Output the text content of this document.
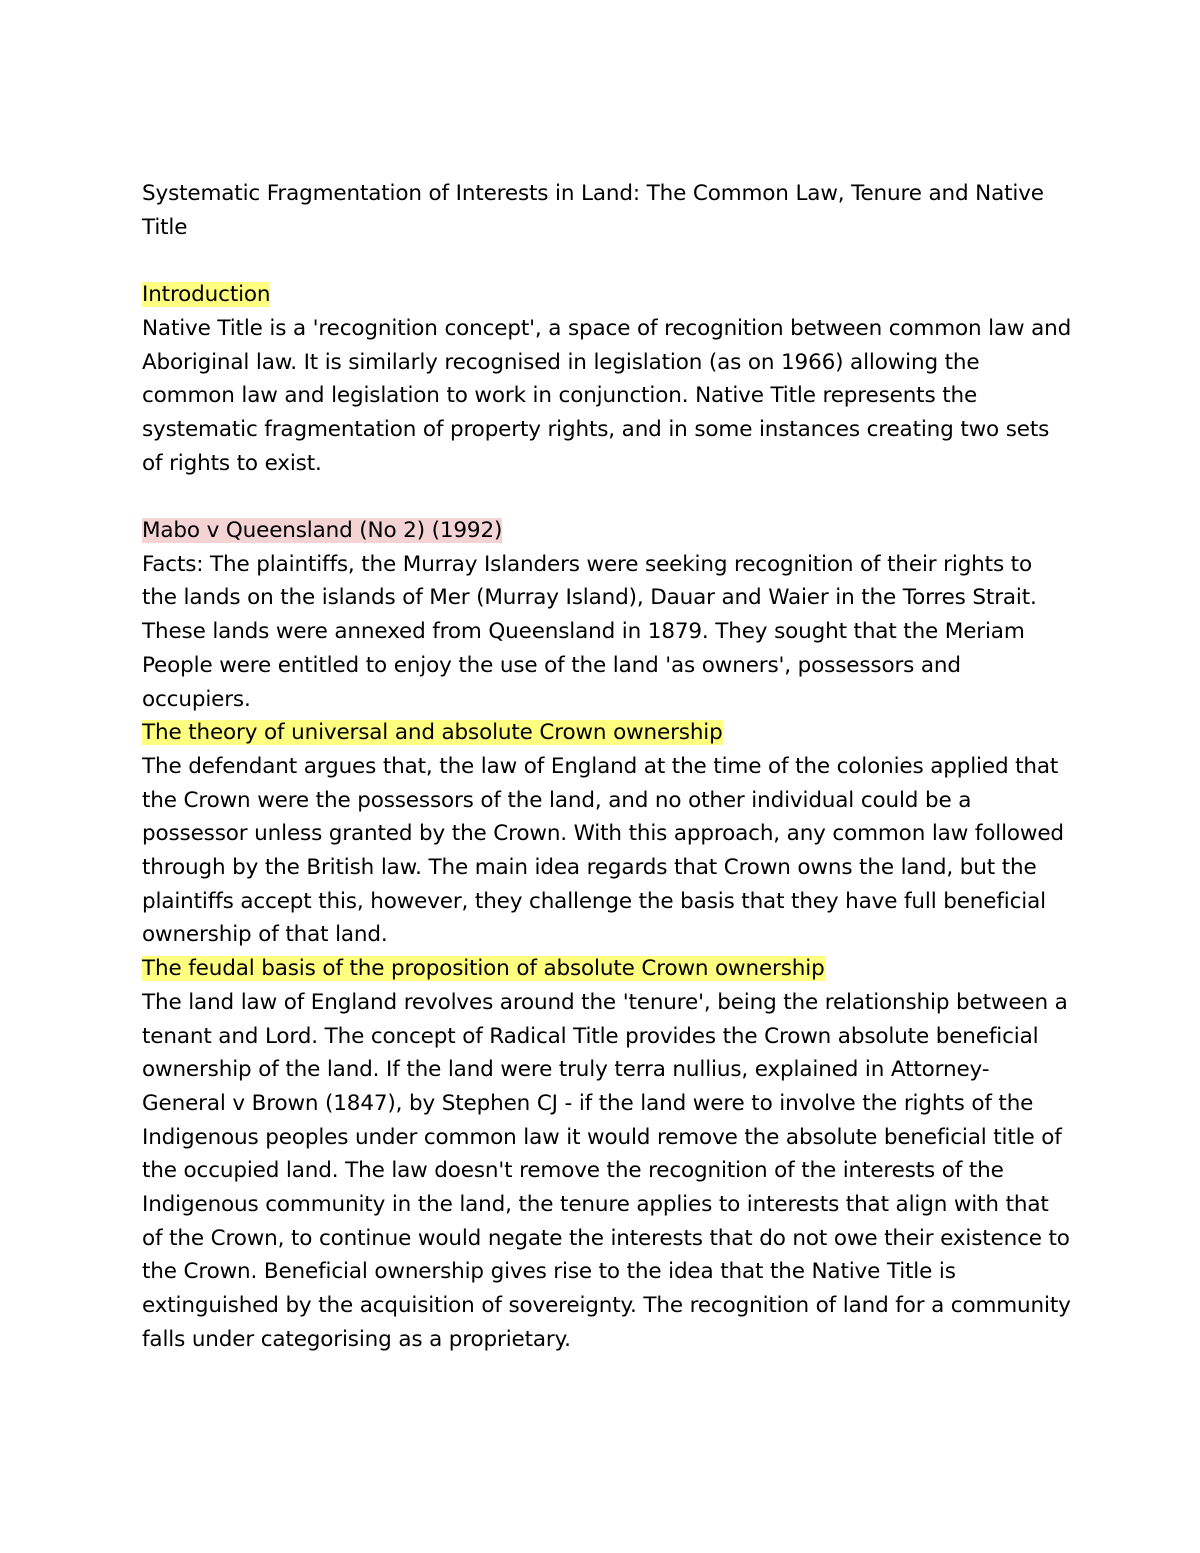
Systematic Fragmentation of Interests in Land: The Common Law, Tenure and Native Title

Introduction

Native Title is a 'recognition concept', a space of recognition between common law and Aboriginal law. It is similarly recognised in legislation (as on 1966) allowing the common law and legislation to work in conjunction. Native Title represents the systematic fragmentation of property rights, and in some instances creating two sets of rights to exist.

Mabo v Queensland (No 2) (1992)

Facts: The plaintiffs, the Murray Islanders were seeking recognition of their rights to the lands on the islands of Mer (Murray Island), Dauar and Waier in the Torres Strait. These lands were annexed from Queensland in 1879. They sought that the Meriam People were entitled to enjoy the use of the land 'as owners', possessors and occupiers.

The theory of universal and absolute Crown ownership

The defendant argues that, the law of England at the time of the colonies applied that the Crown were the possessors of the land, and no other individual could be a possessor unless granted by the Crown. With this approach, any common law followed through by the British law. The main idea regards that Crown owns the land, but the plaintiffs accept this, however, they challenge the basis that they have full beneficial ownership of that land.

The feudal basis of the proposition of absolute Crown ownership

The land law of England revolves around the 'tenure', being the relationship between a tenant and Lord. The concept of Radical Title provides the Crown absolute beneficial ownership of the land. If the land were truly terra nullius, explained in Attorney-General v Brown (1847), by Stephen CJ - if the land were to involve the rights of the Indigenous peoples under common law it would remove the absolute beneficial title of the occupied land. The law doesn't remove the recognition of the interests of the Indigenous community in the land, the tenure applies to interests that align with that of the Crown, to continue would negate the interests that do not owe their existence to the Crown. Beneficial ownership gives rise to the idea that the Native Title is extinguished by the acquisition of sovereignty. The recognition of land for a community falls under categorising as a proprietary.
